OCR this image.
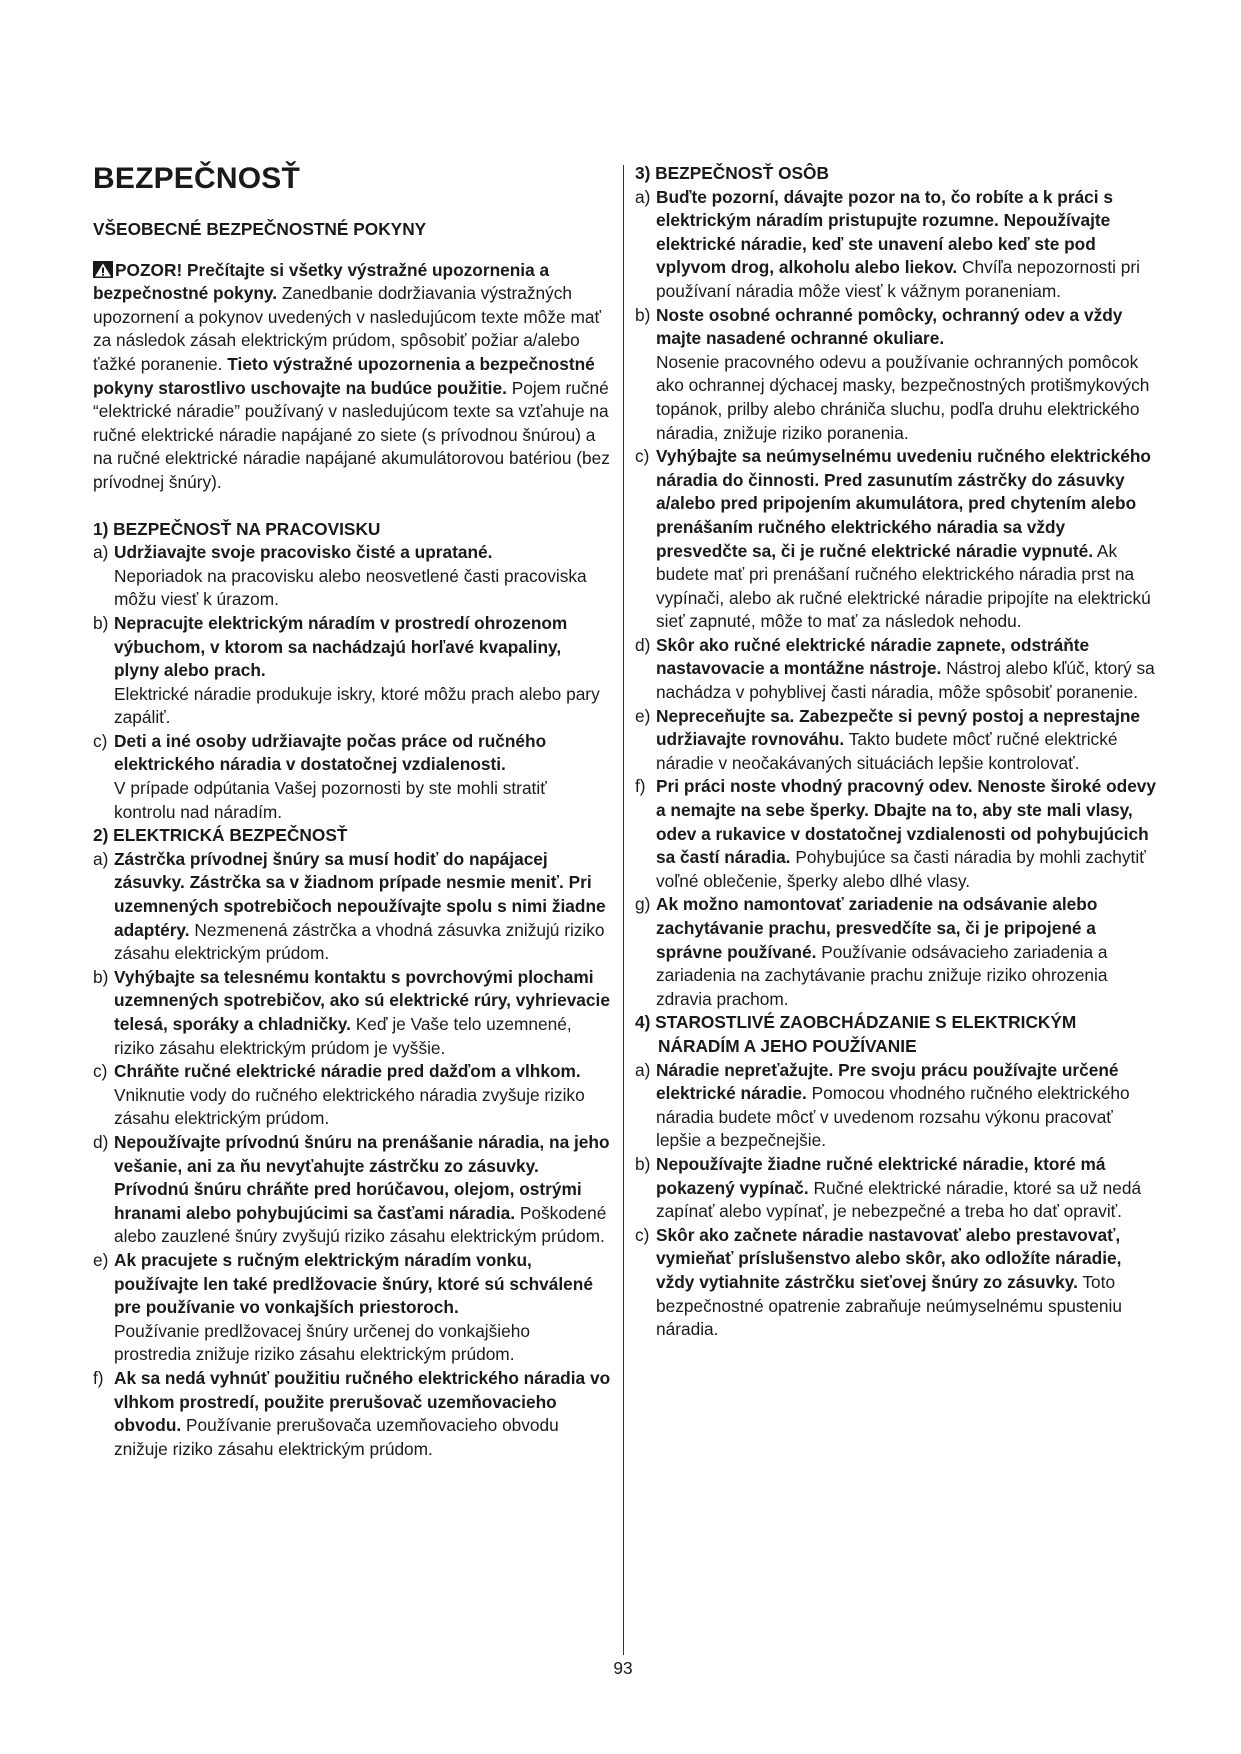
BEZPEČNOSŤ
VŠEOBECNÉ BEZPEČNOSTNÉ POKYNY

POZOR! Prečítajte si všetky výstražné upozornenia a bezpečnostné pokyny. Zanedbanie dodržiavania výstražných upozornení a pokynov uvedených v nasledujúcom texte môže mať za následok zásah elektrickým prúdom, spôsobiť požiar a/alebo ťažké poranenie. Tieto výstražné upozornenia a bezpečnostné pokyny starostlivo uschovajte na budúce použitie. Pojem ručné “elektrické náradie” používaný v nasledujúcom texte sa vzťahuje na ručné elektrické náradie napájané zo siete (s prívodnou šnúrou) a na ručné elektrické náradie napájané akumulátorovou batériou (bez prívodnej šnúry).

1) BEZPEČNOSŤ NA PRACOVISKU
a) Udržiavajte svoje pracovisko čisté a upratané.
Neporiadok na pracovisku alebo neosvetlené časti pracoviska môžu viesť k úrazom.
b) Nepracujte elektrickým náradím v prostredí ohrozenom výbuchom, v ktorom sa nachádzajú horľavé kvapaliny, plyny alebo prach.
Elektrické náradie produkuje iskry, ktoré môžu prach alebo pary zapáliť.
c) Deti a iné osoby udržiavajte počas práce od ručného elektrického náradia v dostatočnej vzdialenosti.
V prípade odpútania Vašej pozornosti by ste mohli stratiť kontrolu nad náradím.
2) ELEKTRICKÁ BEZPEČNOSŤ
a) Zástrčka prívodnej šnúry sa musí hodiť do napájacej zásuvky. Zástrčka sa v žiadnom prípade nesmie meniť. Pri uzemnených spotrebičoch nepoužívajte spolu s nimi žiadne adaptéry. Nezmenená zástrčka a vhodná zásuvka znižujú riziko zásahu elektrickým prúdom.
b) Vyhýbajte sa telesnému kontaktu s povrchovými plochami uzemnených spotrebičov, ako sú elektrické rúry, vyhrievacie telesá, sporáky a chladničky. Keď je Vaše telo uzemnené, riziko zásahu elektrickým prúdom je vyššie.
c) Chráňte ručné elektrické náradie pred dažďom a vlhkom. Vniknutie vody do ručného elektrického náradia zvyšuje riziko zásahu elektrickým prúdom.
d) Nepoužívajte prívodnú šnúru na prenášanie náradia, na jeho vešanie, ani za ňu nevyťahujte zástrčku zo zásuvky. Prívodnú šnúru chráňte pred horúčavou, olejom, ostrými hranami alebo pohybujúcimi sa časťami náradia. Poškodené alebo zauzlené šnúry zvyšujú riziko zásahu elektrickým prúdom.
e) Ak pracujete s ručným elektrickým náradím vonku, používajte len také predlžovacie šnúry, ktoré sú schválené pre používanie vo vonkajších priestoroch.
Používanie predlžovacej šnúry určenej do vonkajšieho prostredia znižuje riziko zásahu elektrickým prúdom.
f) Ak sa nedá vyhnúť použitiu ručného elektrického náradia vo vlhkom prostredí, použite prerušovač uzemňovacieho obvodu. Používanie prerušovača uzemňovacieho obvodu znižuje riziko zásahu elektrickým prúdom.
3) BEZPEČNOSŤ OSÔB
a) Buďte pozorní, dávajte pozor na to, čo robíte a k práci s elektrickým náradím pristupujte rozumne. Nepoužívajte elektrické náradie, keď ste unavení alebo keď ste pod vplyvom drog, alkoholu alebo liekov. Chvíľa nepozornosti pri používaní náradia môže viesť k vážnym poraneniam.
b) Noste osobné ochranné pomôcky, ochranný odev a vždy majte nasadené ochranné okuliare.
Nosenie pracovného odevu a používanie ochranných pomôcok ako ochrannej dýchacej masky, bezpečnostných protišmykových topánok, prilby alebo chrániča sluchu, podľa druhu elektrického náradia, znižuje riziko poranenia.
c) Vyhýbajte sa neúmyselnému uvedeniu ručného elektrického náradia do činnosti. Pred zasunutím zástrčky do zásuvky a/alebo pred pripojením akumulátora, pred chytením alebo prenášaním ručného elektrického náradia sa vždy presvedčte sa, či je ručné elektrické náradie vypnuté. Ak budete mať pri prenášaní ručného elektrického náradia prst na vypínači, alebo ak ručné elektrické náradie pripojíte na elektrickú sieť zapnuté, môže to mať za následok nehodu.
d) Skôr ako ručné elektrické náradie zapnete, odstráňte nastavovacie a montážne nástroje. Nástroj alebo kľúč, ktorý sa nachádza v pohyblivej časti náradia, môže spôsobiť poranenie.
e) Nepreceňujte sa. Zabezpečte si pevný postoj a neprestajne udržiavajte rovnováhu. Takto budete môcť ručné elektrické náradie v neočakávaných situáciách lepšie kontrolovať.
f) Pri práci noste vhodný pracovný odev. Nenoste široké odevy a nemajte na sebe šperky. Dbajte na to, aby ste mali vlasy, odev a rukavice v dostatočnej vzdialenosti od pohybujúcich sa častí náradia. Pohybujúce sa časti náradia by mohli zachytiť voľné oblečenie, šperky alebo dlhé vlasy.
g) Ak možno namontovať zariadenie na odsávanie alebo zachytávanie prachu, presvedčíte sa, či je pripojené a správne používané. Používanie odsávacieho zariadenia a zariadenia na zachytávanie prachu znižuje riziko ohrozenia zdravia prachom.
4) STAROSTLIVÉ ZAOBCHÁDZANIE S ELEKTRICKÝM NÁRADÍM A JEHO POUŽÍVANIE
a) Náradie nepreťažujte. Pre svoju prácu používajte určené elektrické náradie. Pomocou vhodného ručného elektrického náradia budete môcť v uvedenom rozsahu výkonu pracovať lepšie a bezpečnejšie.
b) Nepoužívajte žiadne ručné elektrické náradie, ktoré má pokazený vypínač. Ručné elektrické náradie, ktoré sa už nedá zapínať alebo vypínať, je nebezpečné a treba ho dať opraviť.
c) Skôr ako začnete náradie nastavovať alebo prestavovať, vymieňať príslušenstvo alebo skôr, ako odložíte náradie, vždy vytiahnite zástrčku sieťovej šnúry zo zásuvky. Toto bezpečnostné opatrenie zabraňuje neúmyselnému spusteniu náradia.
93
